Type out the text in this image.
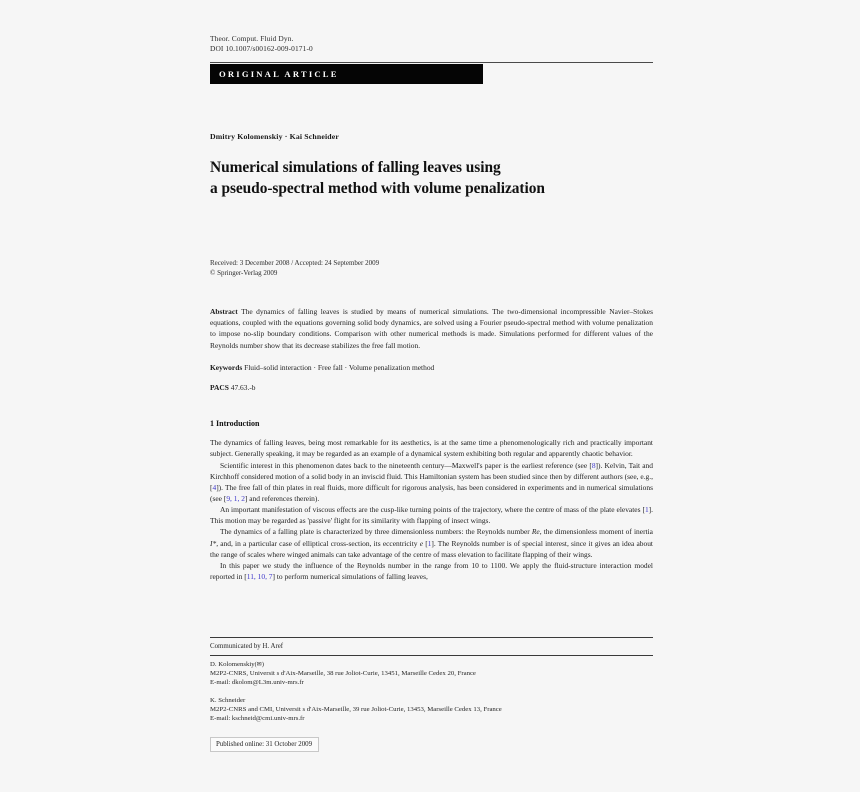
Theor. Comput. Fluid Dyn.
DOI 10.1007/s00162-009-0171-0
ORIGINAL ARTICLE
Dmitry Kolomenskiy · Kai Schneider
Numerical simulations of falling leaves using
a pseudo-spectral method with volume penalization
Received: 3 December 2008 / Accepted: 24 September 2009
© Springer-Verlag 2009
Abstract The dynamics of falling leaves is studied by means of numerical simulations. The two-dimensional incompressible Navier–Stokes equations, coupled with the equations governing solid body dynamics, are solved using a Fourier pseudo-spectral method with volume penalization to impose no-slip boundary conditions. Comparison with other numerical methods is made. Simulations performed for different values of the Reynolds number show that its decrease stabilizes the free fall motion.
Keywords Fluid–solid interaction · Free fall · Volume penalization method
PACS 47.63.-b
1 Introduction
The dynamics of falling leaves, being most remarkable for its aesthetics, is at the same time a phenomenologically rich and practically important subject. Generally speaking, it may be regarded as an example of a dynamical system exhibiting both regular and apparently chaotic behavior.
Scientific interest in this phenomenon dates back to the nineteenth century—Maxwell's paper is the earliest reference (see [8]). Kelvin, Tait and Kirchhoff considered motion of a solid body in an inviscid fluid. This Hamiltonian system has been studied since then by different authors (see, e.g., [4]). The free fall of thin plates in real fluids, more difficult for rigorous analysis, has been considered in experiments and in numerical simulations (see [9, 1, 2] and references therein).
An important manifestation of viscous effects are the cusp-like turning points of the trajectory, where the centre of mass of the plate elevates [1]. This motion may be regarded as 'passive' flight for its similarity with flapping of insect wings.
The dynamics of a falling plate is characterized by three dimensionless numbers: the Reynolds number Re, the dimensionless moment of inertia I*, and, in a particular case of elliptical cross-section, its eccentricity e [1]. The Reynolds number is of special interest, since it gives an idea about the range of scales where winged animals can take advantage of the centre of mass elevation to facilitate flapping of their wings.
In this paper we study the influence of the Reynolds number in the range from 10 to 1100. We apply the fluid-structure interaction model reported in [11, 10, 7] to perform numerical simulations of falling leaves,
Communicated by H. Aref
D. Kolomenskiy(✉)
M2P2-CNRS, Universit s d'Aix-Marseille, 38 rue Joliot-Curie, 13451, Marseille Cedex 20, France
E-mail: dkolom@L3m.univ-mrs.fr
K. Schneider
M2P2-CNRS and CMI, Universit s d'Aix-Marseille, 39 rue Joliot-Curie, 13453, Marseille Cedex 13, France
E-mail: kschneid@cmi.univ-mrs.fr
Published online: 31 October 2009
